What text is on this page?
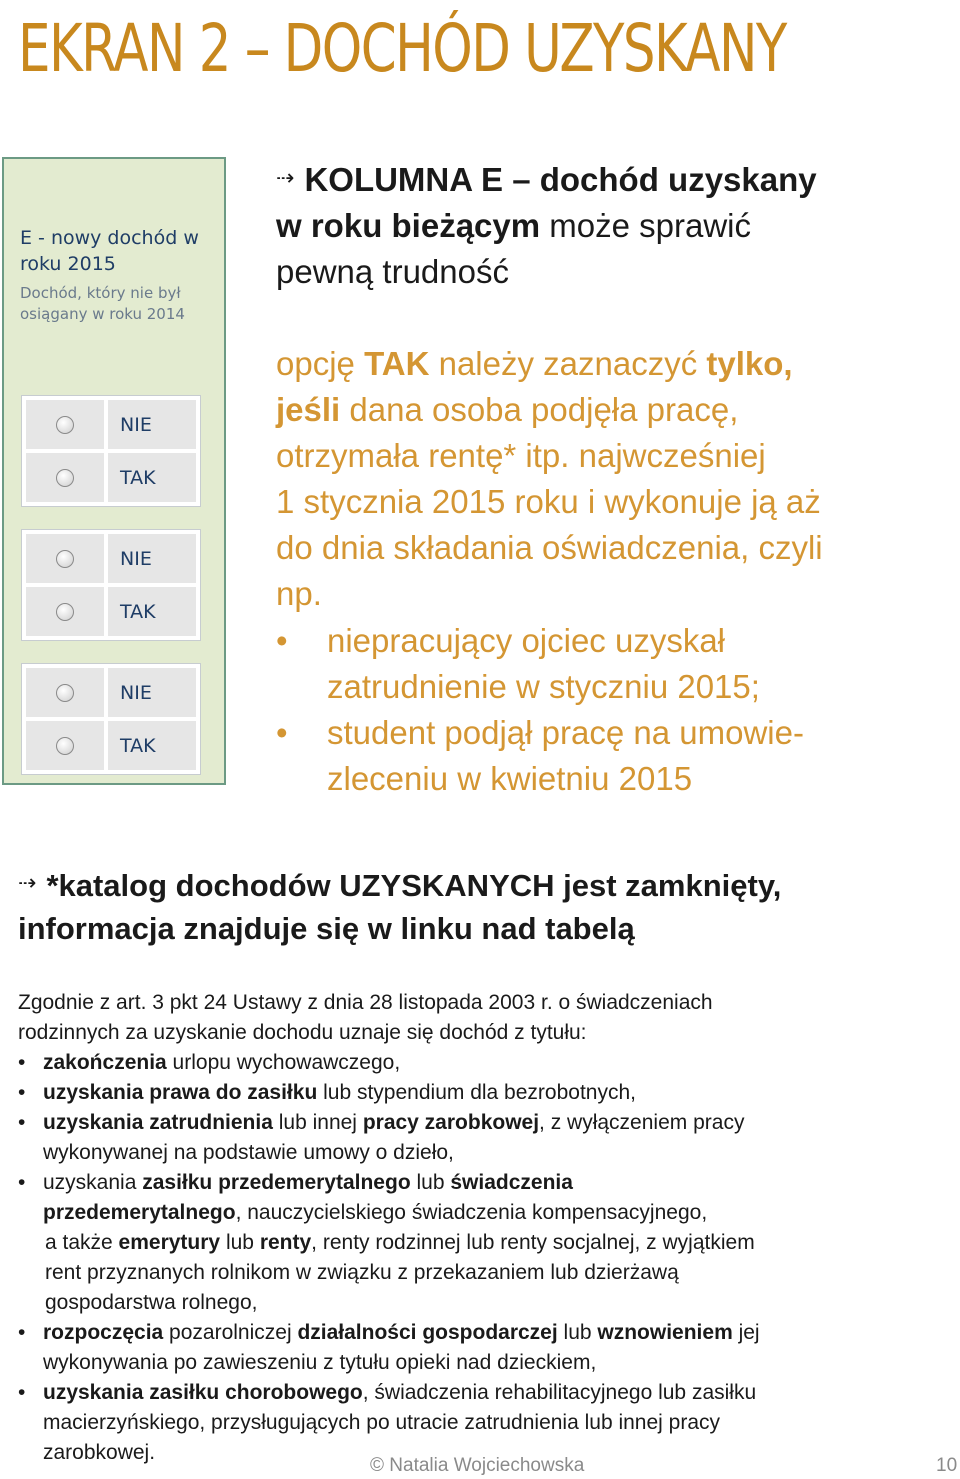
EKRAN 2 – DOCHÓD UZYSKANY
E - nowy dochód w
roku 2015
Dochód, który nie był
osiągany w roku 2014
NIE
TAK
NIE
TAK
NIE
TAK
⇢ KOLUMNA E – dochód uzyskany
w roku bieżącym może sprawić
pewną trudność
opcję TAK należy zaznaczyć tylko,
jeśli dana osoba podjęła pracę,
otrzymała rentę* itp. najwcześniej
1 stycznia 2015 roku i wykonuje ją aż
do dnia składania oświadczenia, czyli
np.
•	niepracujący ojciec uzyskał
zatrudnienie w styczniu 2015;
•	student podjął pracę na umowie-
zleceniu w kwietniu 2015
⇢ *katalog dochodów UZYSKANYCH jest zamknięty,
informacja znajduje się w linku nad tabelą
Zgodnie z art. 3 pkt 24 Ustawy z dnia 28 listopada 2003 r. o świadczeniach
rodzinnych za uzyskanie dochodu uznaje się dochód z tytułu:
• zakończenia urlopu wychowawczego,
• uzyskania prawa do zasiłku lub stypendium dla bezrobotnych,
• uzyskania zatrudnienia lub innej pracy zarobkowej, z wyłączeniem pracy
wykonywanej na podstawie umowy o dzieło,
• uzyskania zasiłku przedemerytalnego lub świadczenia
przedemerytalnego, nauczycielskiego świadczenia kompensacyjnego,
a także emerytury lub renty, renty rodzinnej lub renty socjalnej, z wyjątkiem
rent przyznanych rolnikom w związku z przekazaniem lub dzierżawą
gospodarstwa rolnego,
• rozpoczęcia pozarolniczej działalności gospodarczej lub wznowieniem jej
wykonywania po zawieszeniu z tytułu opieki nad dzieckiem,
• uzyskania zasiłku chorobowego, świadczenia rehabilitacyjnego lub zasiłku
macierzyńskiego, przysługujących po utracie zatrudnienia lub innej pracy
zarobkowej.
© Natalia Wojciechowska	10
